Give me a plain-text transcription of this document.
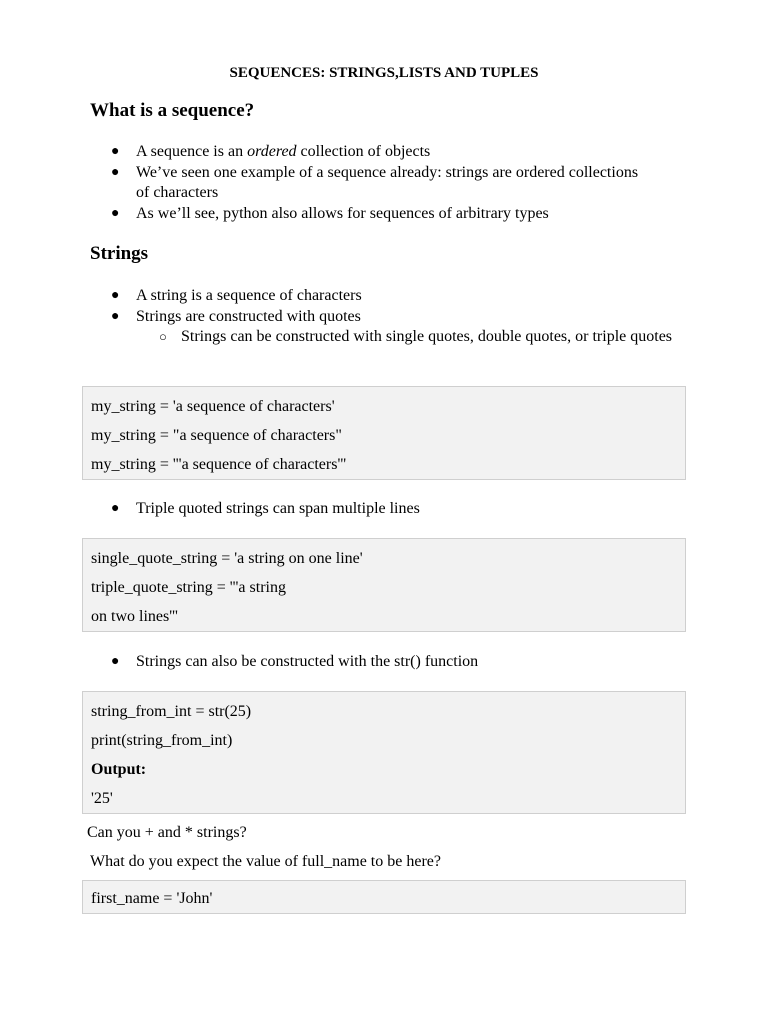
SEQUENCES: STRINGS,LISTS AND TUPLES
What is a sequence?
● A sequence is an ordered collection of objects
● We’ve seen one example of a sequence already: strings are ordered collections of characters
● As we’ll see, python also allows for sequences of arbitrary types
Strings
● A string is a sequence of characters
● Strings are constructed with quotes
○ Strings can be constructed with single quotes, double quotes, or triple quotes
my_string = 'a sequence of characters'
my_string = "a sequence of characters"
my_string = '''a sequence of characters'''
● Triple quoted strings can span multiple lines
single_quote_string = 'a string on one line'
triple_quote_string = '''a string
on two lines'''
● Strings can also be constructed with the str() function
string_from_int = str(25)
print(string_from_int)
Output:
'25'
Can you + and * strings?
What do you expect the value of full_name to be here?
first_name = 'John'
